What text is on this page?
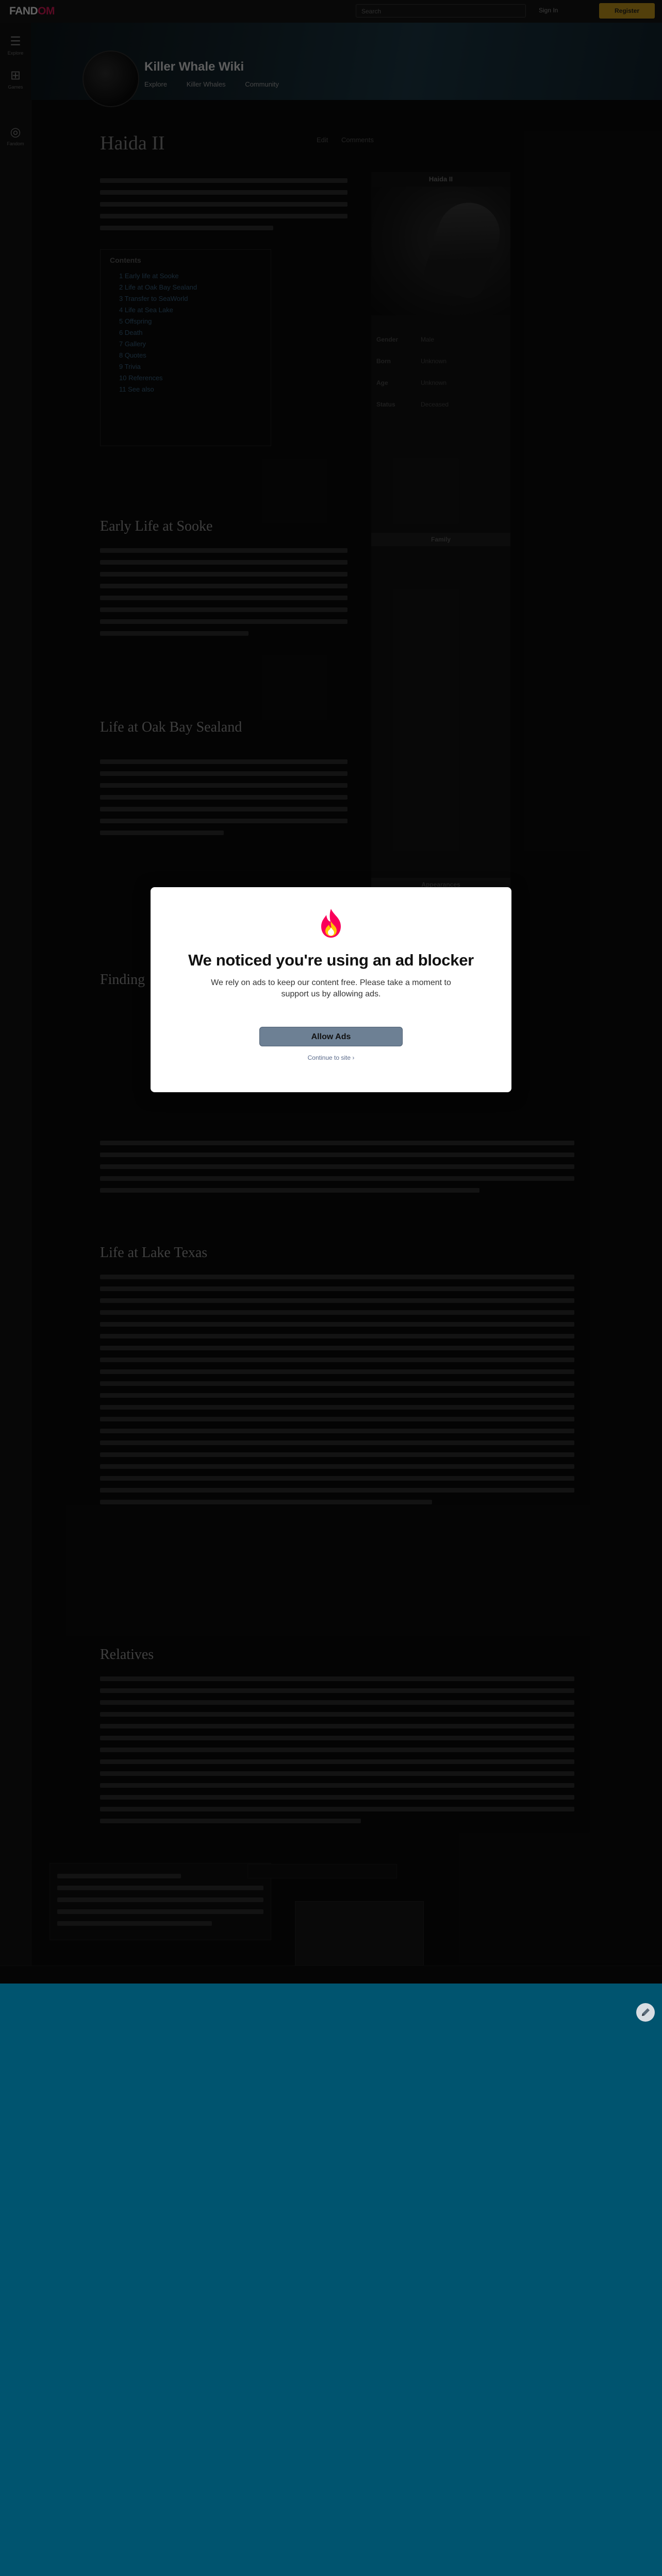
We noticed you're using an ad blocker
We rely on ads to keep our content free. Please take a moment to support us by allowing ads.
Allow Ads
Continue to site ›
